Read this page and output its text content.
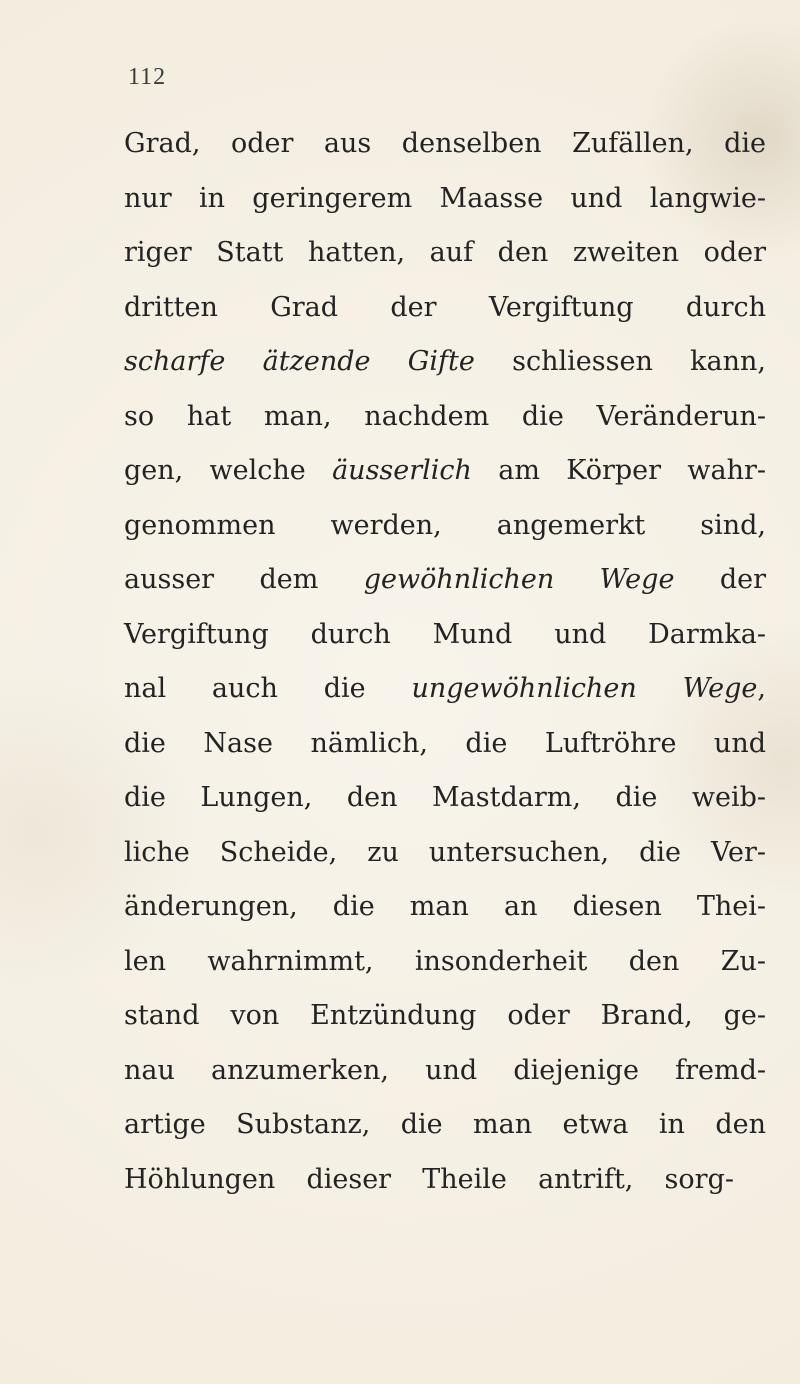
112

Grad, oder aus denselben Zufällen, die
nur in geringerem Maasse und langwie-
riger Statt hatten, auf den zweiten oder
dritten Grad der Vergiftung durch
scharfe ätzende Gifte schliessen kann,
so hat man, nachdem die Veränderun-
gen, welche äusserlich am Körper wahr-
genommen werden, angemerkt sind,
ausser dem gewöhnlichen Wege der
Vergiftung durch Mund und Darmka-
nal auch die ungewöhnlichen Wege,
die Nase nämlich, die Luftröhre und
die Lungen, den Mastdarm, die weib-
liche Scheide, zu untersuchen, die Ver-
änderungen, die man an diesen Thei-
len wahrnimmt, insonderheit den Zu-
stand von Entzündung oder Brand, ge-
nau anzumerken, und diejenige fremd-
artige Substanz, die man etwa in den
Höhlungen dieser Theile antrift, sorg-
